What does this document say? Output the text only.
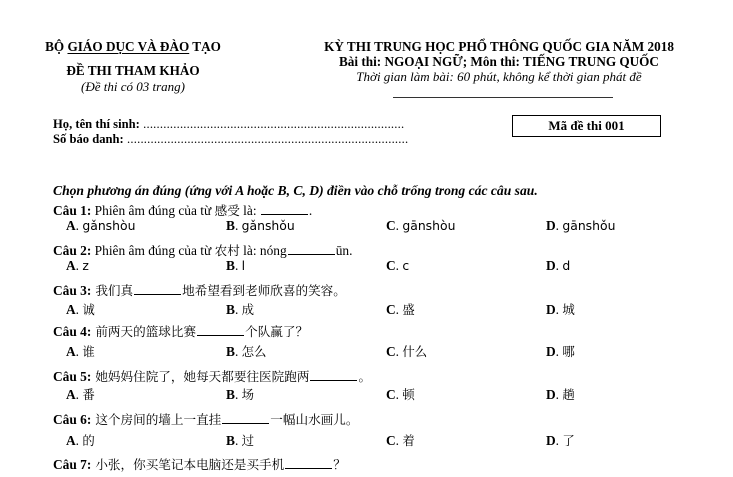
BỘ GIÁO DỤC VÀ ĐÀO TẠO
ĐỀ THI THAM KHẢO
(Đề thi có 03 trang)
KỲ THI TRUNG HỌC PHỔ THÔNG QUỐC GIA NĂM 2018
Bài thi: NGOẠI NGỮ; Môn thi: TIẾNG TRUNG QUỐC
Thời gian làm bài: 60 phút, không kể thời gian phát đề
Họ, tên thí sinh: ..............................................................................
Số báo danh: ....................................................................................
Mã đề thi 001
Chọn phương án đúng (ứng với A hoặc B, C, D) điền vào chỗ trống trong các câu sau.
Câu 1: Phiên âm đúng của từ 感受 là:	.
A. gǎnshòu	B. gǎnshǒu	C. gānshòu	D. gānshǒu
Câu 2: Phiên âm đúng của từ 农村 là: nóng	ūn.
A. z	B. l	C. c	D. d
Câu 3: 我们真	地希望看到老师欣喜的笑容。
A. 诚	B. 成	C. 盛	D. 城
Câu 4: 前两天的篮球比赛	个队赢了？
A. 谁	B. 怎么	C. 什么	D. 哪
Câu 5: 她妈妈住院了，她每天都要往医院跑两	。
A. 番	B. 场	C. 顿	D. 趟
Câu 6: 这个房间的墙上一直挂	一幅山水画儿。
A. 的	B. 过	C. 着	D. 了
Câu 7: 小张，你买笔记本电脑还是买手机	？
